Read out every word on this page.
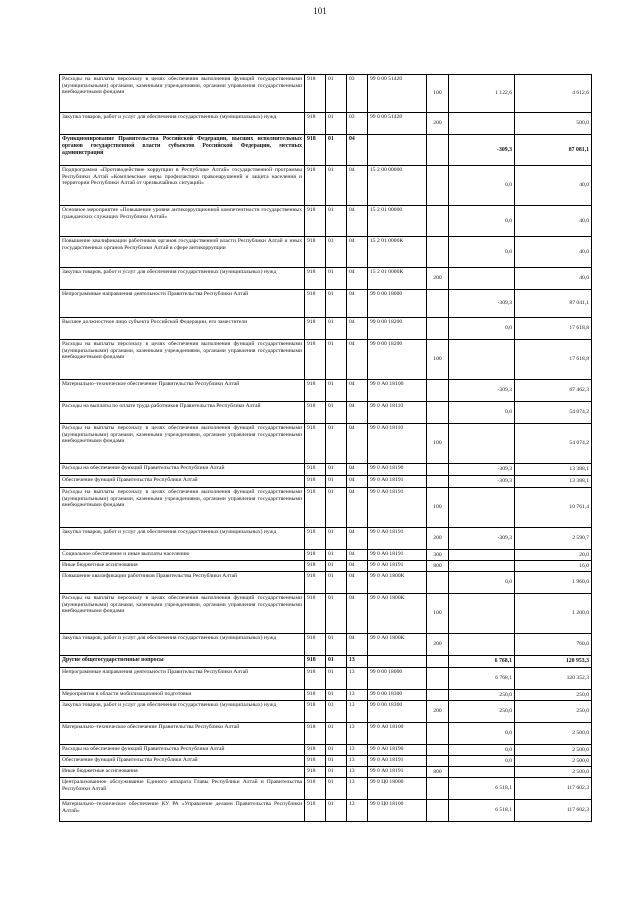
101
Расходы на выплаты персоналу в целях обеспечения выполнения функций государственными (муниципальными) органами, казенными учреждениями, органами управления государственными внебюджетными фондами	918	01	03	99 0 00 51420	100	1 122,6	4 612,6
Закупка товаров, работ и услуг для обеспечения государственных (муниципальных) нужд	918	01	03	99 0 00 51420	200		500,0
Функционирование Правительства Российской Федерации, высших исполнительных органов государственной власти субъектов Российской Федерации, местных администраций	918	01	04			-309,3	87 081,1
Подпрограмма «Противодействие коррупции в Республике Алтай» государственной программы Республики Алтай «Комплексные меры профилактики правонарушений и защита населения и территории Республики Алтай от чрезвычайных ситуаций»	918	01	04	15 2 00 00000		0,0	40,0
Основное мероприятие «Повышение уровня антикоррупционной компетентности государственных гражданских служащих Республики Алтай»	918	01	04	15 2 01 00000		0,0	40,0
Повышение квалификации работников органов государственной власти Республики Алтай и иных государственных органов Республики Алтай в сфере антикоррупции	918	01	04	15 2 01 0000К		0,0	40,0
Закупка товаров, работ и услуг для обеспечения государственных (муниципальных) нужд	918	01	04	15 2 01 0000К	200		40,0
Непрограммные направления деятельности Правительства Республики Алтай	918	01	04	99 0 00 18000		-309,3	87 041,1
Высшее должностное лицо субъекта Российской Федерации, его заместители	918	01	04	99 0 00 18200		0,0	17 618,8
Расходы на выплаты персоналу в целях обеспечения выполнения функций государственными (муниципальными) органами, казенными учреждениями, органами управления государственными внебюджетными фондами	918	01	04	99 0 00 18200	100		17 618,8
Материально–техническое обеспечение Правительства Республики Алтай	918	01	04	99 0 А0 18100		-309,3	67 462,3
Расходы на выплаты по оплате труда работников Правительства Республики Алтай	918	01	04	99 0 А0 18110		0,0	54 074,2
Расходы на выплаты персоналу в целях обеспечения выполнения функций государственными (муниципальными) органами, казенными учреждениями, органами управления государственными внебюджетными фондами	918	01	04	99 0 А0 18110	100		54 074,2
Расходы на обеспечение функций Правительства Республики Алтай	918	01	04	99 0 А0 18190		-309,3	13 388,1
Обеспечение функций Правительства Республики Алтай	918	01	04	99 0 А0 18191		-309,3	13 388,1
Расходы на выплаты персоналу в целях обеспечения выполнения функций государственными (муниципальными) органами, казенными учреждениями, органами управления государственными внебюджетными фондами	918	01	04	99 0 А0 18191	100		10 761,4
Закупка товаров, работ и услуг для обеспечения государственных (муниципальных) нужд	918	01	04	99 0 А0 18191	200	-309,3	2 590,7
Социальное обеспечение и иные выплаты населению	918	01	04	99 0 А0 18191	300		20,0
Иные бюджетные ассигнования	918	01	04	99 0 А0 18191	800		16,0
Повышение квалификации работников Правительства Республики Алтай	918	01	04	99 0 А0 1800К		0,0	1 960,0
Расходы на выплаты персоналу в целях обеспечения выполнения функций государственными (муниципальными) органами, казенными учреждениями, органами управления государственными внебюджетными фондами	918	01	04	99 0 А0 1800К	100		1 200,0
Закупка товаров, работ и услуг для обеспечения государственных (муниципальных) нужд	918	01	04	99 0 А0 1800К	200		760,0
Другие общегосударственные вопросы	918	01	13			6 768,1	120 953,3
Непрограммные направления деятельности Правительства Республики Алтай	918	01	13	99 0 00 18000		6 768,1	120 352,3
Мероприятия в области мобилизационной подготовки	918	01	13	99 0 00 18300		250,0	250,0
Закупка товаров, работ и услуг для обеспечения государственных (муниципальных) нужд	918	01	13	99 0 00 18300	200	250,0	250,0
Материально–техническое обеспечение Правительства Республики Алтай	918	01	13	99 0 А0 18100		0,0	2 500,0
Расходы на обеспечение функций Правительства Республики Алтай	918	01	13	99 0 А0 18190		0,0	2 500,0
Обеспечение функций Правительства Республики Алтай	918	01	13	99 0 А0 18191		0,0	2 500,0
Иные бюджетные ассигнования	918	01	13	99 0 А0 18191	800		2 500,0
Централизованное обслуживание Единого аппарата Главы Республики Алтай и Правительства Республики Алтай	918	01	13	99 0 Ц0 18000		6 518,1	117 602,3
Материально–техническое обеспечение КУ РА «Управление делами Правительства Республики Алтай»	918	01	13	99 0 Ц0 18100		6 518,1	117 602,3
